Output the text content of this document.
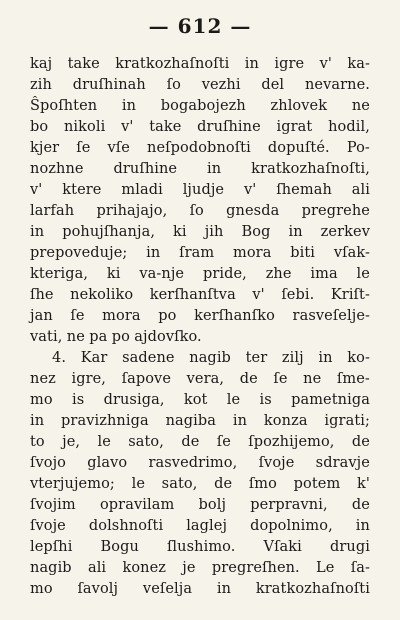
— 612 —
kaj take kratkozhaſnoſti in igre v' ka-
zih druſhinah ſo vezhi del nevarne.
Ŝpoſhten in bogabojezh zhlovek ne
bo nikoli v' take druſhine igrat hodil,
kjer ſe vſe neſpodobnoſti dopuſté. Po-
nozhne druſhine in kratkozhaſnoſti,
v' ktere mladi ljudje v' ſhemah ali
larfah prihajajo, ſo gnesda pregrehe
in pohujſhanja, ki jih Bog in zerkev
prepoveduje; in ſram mora biti vſak-
kteriga, ki va-nje pride, zhe ima le
ſhe nekoliko kerſhanſtva v' ſebi. Kriſt-
jan ſe mora po kerſhanſko rasveſelje-
vati, ne pa po ajdovſko.
4. Kar sadene nagib ter zilj in ko-
nez igre, ſapove vera, de ſe ne ſme-
mo is drusiga, kot le is pametniga
in pravizhniga nagiba in konza igrati;
to je, le sato, de ſe ſpozhijemo, de
ſvojo glavo rasvedrimo, ſvoje sdravje
vterjujemo; le sato, de ſmo potem k'
ſvojim opravilam bolj perpravni, de
ſvoje dolshnoſti laglej dopolnimo, in
lepſhi Bogu ſlushimo. Vſaki drugi
nagib ali konez je pregreſhen. Le ſa-
mo ſavolj veſelja in kratkozhaſnoſti
